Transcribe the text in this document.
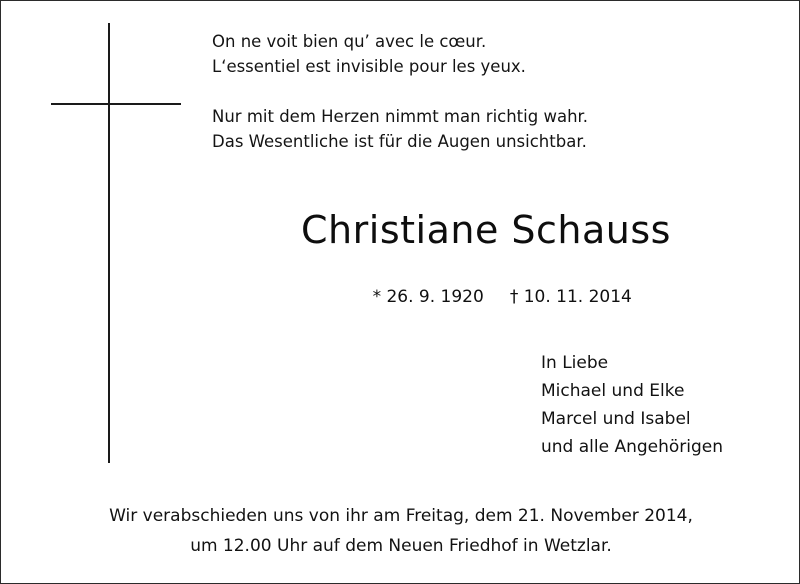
On ne voit bien qu’ avec le cœur.
L‘essentiel est invisible pour les yeux.
Nur mit dem Herzen nimmt man richtig wahr.
Das Wesentliche ist für die Augen unsichtbar.
Christiane Schauss

* 26. 9. 1920 † 10. 11. 2014

In Liebe
Michael und Elke
Marcel und Isabel
und alle Angehörigen
Wir verabschieden uns von ihr am Freitag, dem 21. November 2014,
um 12.00 Uhr auf dem Neuen Friedhof in Wetzlar.
